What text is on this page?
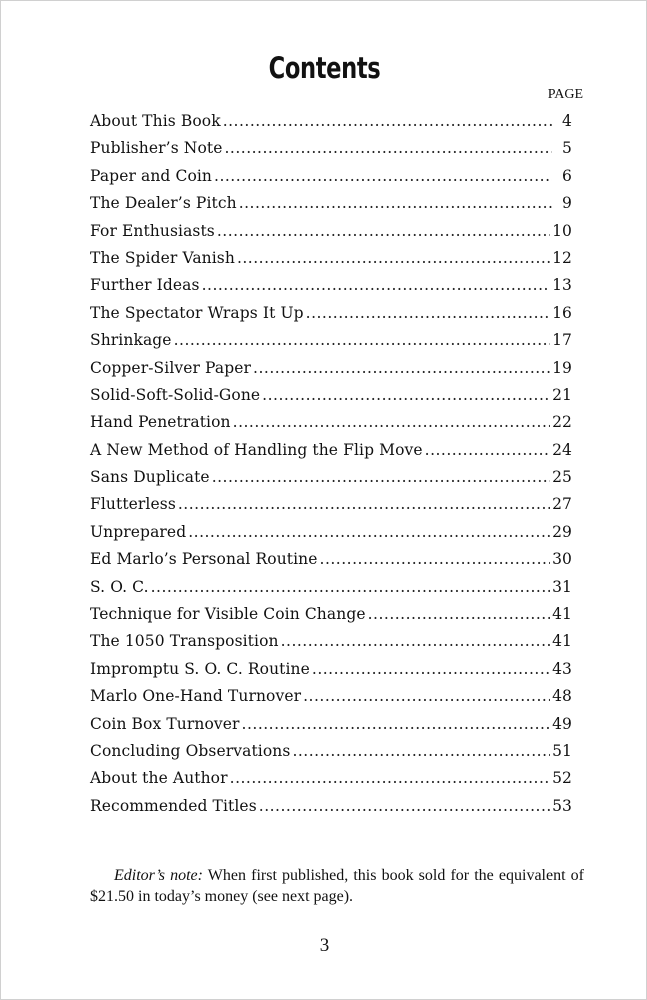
Contents
PAGE
About This Book .....	4
Publisher’s Note .....	5
Paper and Coin .....	6
The Dealer’s Pitch .....	9
For Enthusiasts .....	10
The Spider Vanish .....	12
Further Ideas .....	13
The Spectator Wraps It Up .....	16
Shrinkage .....	17
Copper-Silver Paper .....	19
Solid-Soft-Solid-Gone .....	21
Hand Penetration .....	22
A New Method of Handling the Flip Move .....	24
Sans Duplicate .....	25
Flutterless .....	27
Unprepared .....	29
Ed Marlo’s Personal Routine .....	30
S. O. C. .....	31
Technique for Visible Coin Change .....	41
The 1050 Transposition .....	41
Impromptu S. O. C. Routine .....	43
Marlo One-Hand Turnover .....	48
Coin Box Turnover .....	49
Concluding Observations .....	51
About the Author .....	52
Recommended Titles .....	53

Editor’s note: When first published, this book sold for the equivalent of $21.50 in today’s money (see next page).

3
